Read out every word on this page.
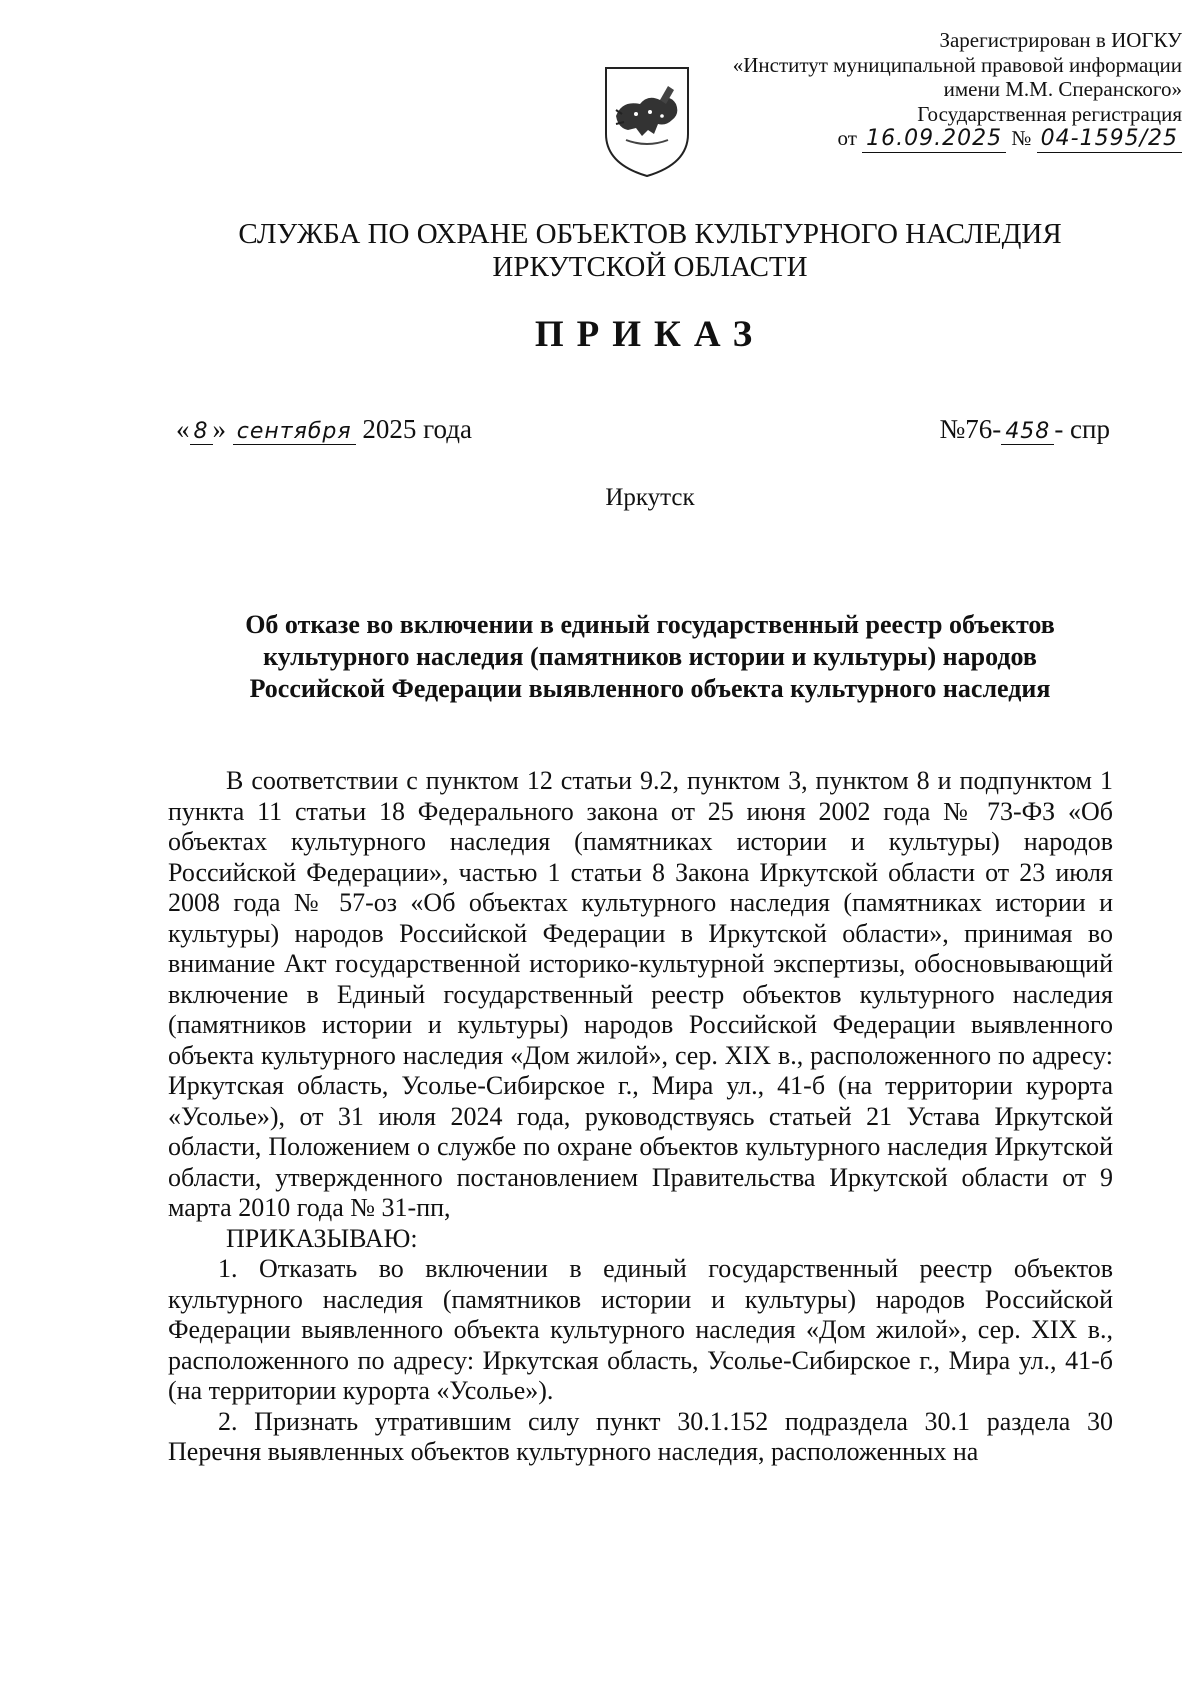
Зарегистрирован в ИОГКУ
«Институт муниципальной правовой информации
имени М.М. Сперанского»
Государственная регистрация
от 16.09.2025 № 04-1595/25
СЛУЖБА ПО ОХРАНЕ ОБЪЕКТОВ КУЛЬТУРНОГО НАСЛЕДИЯ
ИРКУТСКОЙ ОБЛАСТИ
ПРИКАЗ
« 8 » сентября 2025 года	№76- 458 - спр
Иркутск
Об отказе во включении в единый государственный реестр объектов
культурного наследия (памятников истории и культуры) народов
Российской Федерации выявленного объекта культурного наследия

В соответствии с пунктом 12 статьи 9.2, пунктом 3, пунктом 8 и подпунктом 1 пункта 11 статьи 18 Федерального закона от 25 июня 2002 года № 73-ФЗ «Об объектах культурного наследия (памятниках истории и культуры) народов Российской Федерации», частью 1 статьи 8 Закона Иркутской области от 23 июля 2008 года № 57-оз «Об объектах культурного наследия (памятниках истории и культуры) народов Российской Федерации в Иркутской области», принимая во внимание Акт государственной историко-культурной экспертизы, обосновывающий включение в Единый государственный реестр объектов культурного наследия (памятников истории и культуры) народов Российской Федерации выявленного объекта культурного наследия «Дом жилой», сер. XIX в., расположенного по адресу: Иркутская область, Усолье-Сибирское г., Мира ул., 41-б (на территории курорта «Усолье»), от 31 июля 2024 года, руководствуясь статьей 21 Устава Иркутской области, Положением о службе по охране объектов культурного наследия Иркутской области, утвержденного постановлением Правительства Иркутской области от 9 марта 2010 года № 31-пп,

ПРИКАЗЫВАЮ:

1. Отказать во включении в единый государственный реестр объектов культурного наследия (памятников истории и культуры) народов Российской Федерации выявленного объекта культурного наследия «Дом жилой», сер. XIX в., расположенного по адресу: Иркутская область, Усолье-Сибирское г., Мира ул., 41-б (на территории курорта «Усолье»).

2. Признать утратившим силу пункт 30.1.152 подраздела 30.1 раздела 30 Перечня выявленных объектов культурного наследия, расположенных на
